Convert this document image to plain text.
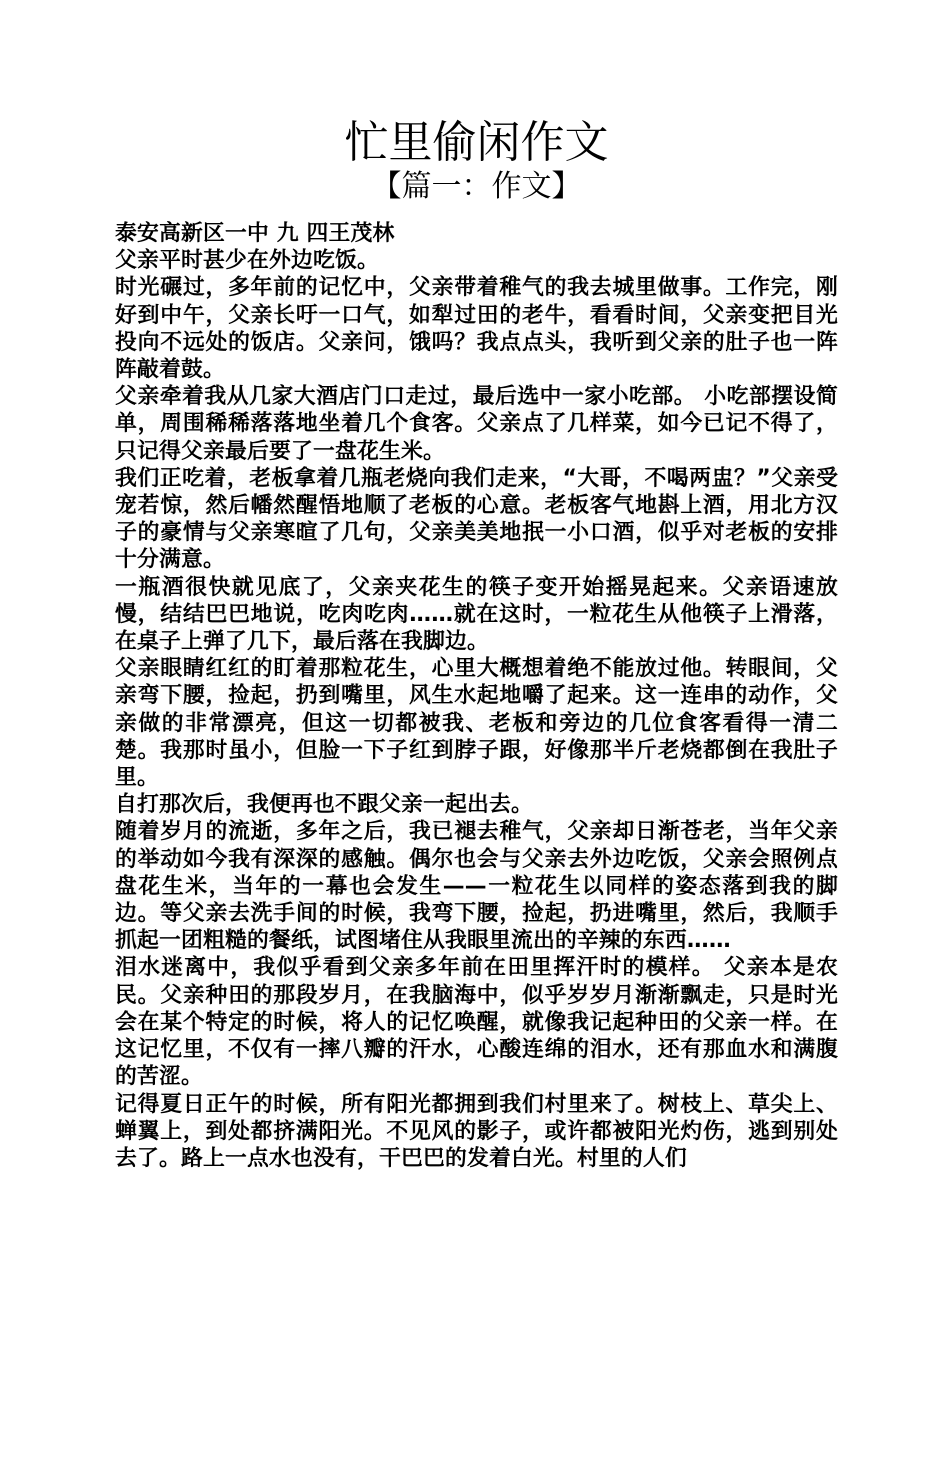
忙里偷闲作文
【篇一：作文】

泰安高新区一中 九 四王茂林

父亲平时甚少在外边吃饭。

时光碾过，多年前的记忆中，父亲带着稚气的我去城里做事。工作完，刚好到中午，父亲长吁一口气，如犁过田的老牛，看看时间，父亲变把目光投向不远处的饭店。父亲问，饿吗？我点点头，我听到父亲的肚子也一阵阵敲着鼓。

父亲牵着我从几家大酒店门口走过，最后选中一家小吃部。 小吃部摆设简单，周围稀稀落落地坐着几个食客。父亲点了几样菜，如今已记不得了，只记得父亲最后要了一盘花生米。

我们正吃着，老板拿着几瓶老烧向我们走来，“大哥，不喝两盅？”父亲受宠若惊，然后幡然醒悟地顺了老板的心意。老板客气地斟上酒，用北方汉子的豪情与父亲寒暄了几句，父亲美美地抿一小口酒，似乎对老板的安排十分满意。

一瓶酒很快就见底了，父亲夹花生的筷子变开始摇晃起来。父亲语速放慢，结结巴巴地说，吃肉吃肉……就在这时，一粒花生从他筷子上滑落，在桌子上弹了几下，最后落在我脚边。

父亲眼睛红红的盯着那粒花生，心里大概想着绝不能放过他。转眼间，父亲弯下腰，捡起，扔到嘴里，风生水起地嚼了起来。这一连串的动作，父亲做的非常漂亮，但这一切都被我、老板和旁边的几位食客看得一清二楚。我那时虽小，但脸一下子红到脖子跟，好像那半斤老烧都倒在我肚子里。

自打那次后，我便再也不跟父亲一起出去。

随着岁月的流逝，多年之后，我已褪去稚气，父亲却日渐苍老，当年父亲的举动如今我有深深的感触。偶尔也会与父亲去外边吃饭，父亲会照例点盘花生米，当年的一幕也会发生——一粒花生以同样的姿态落到我的脚边。等父亲去洗手间的时候，我弯下腰，捡起，扔进嘴里，然后，我顺手抓起一团粗糙的餐纸，试图堵住从我眼里流出的辛辣的东西……

泪水迷离中，我似乎看到父亲多年前在田里挥汗时的模样。 父亲本是农民。父亲种田的那段岁月，在我脑海中，似乎岁岁月渐渐飘走，只是时光会在某个特定的时候，将人的记忆唤醒，就像我记起种田的父亲一样。在这记忆里，不仅有一摔八瓣的汗水，心酸连绵的泪水，还有那血水和满腹的苦涩。

记得夏日正午的时候，所有阳光都拥到我们村里来了。树枝上、草尖上、蝉翼上，到处都挤满阳光。不见风的影子，或许都被阳光灼伤，逃到别处去了。路上一点水也没有，干巴巴的发着白光。村里的人们
